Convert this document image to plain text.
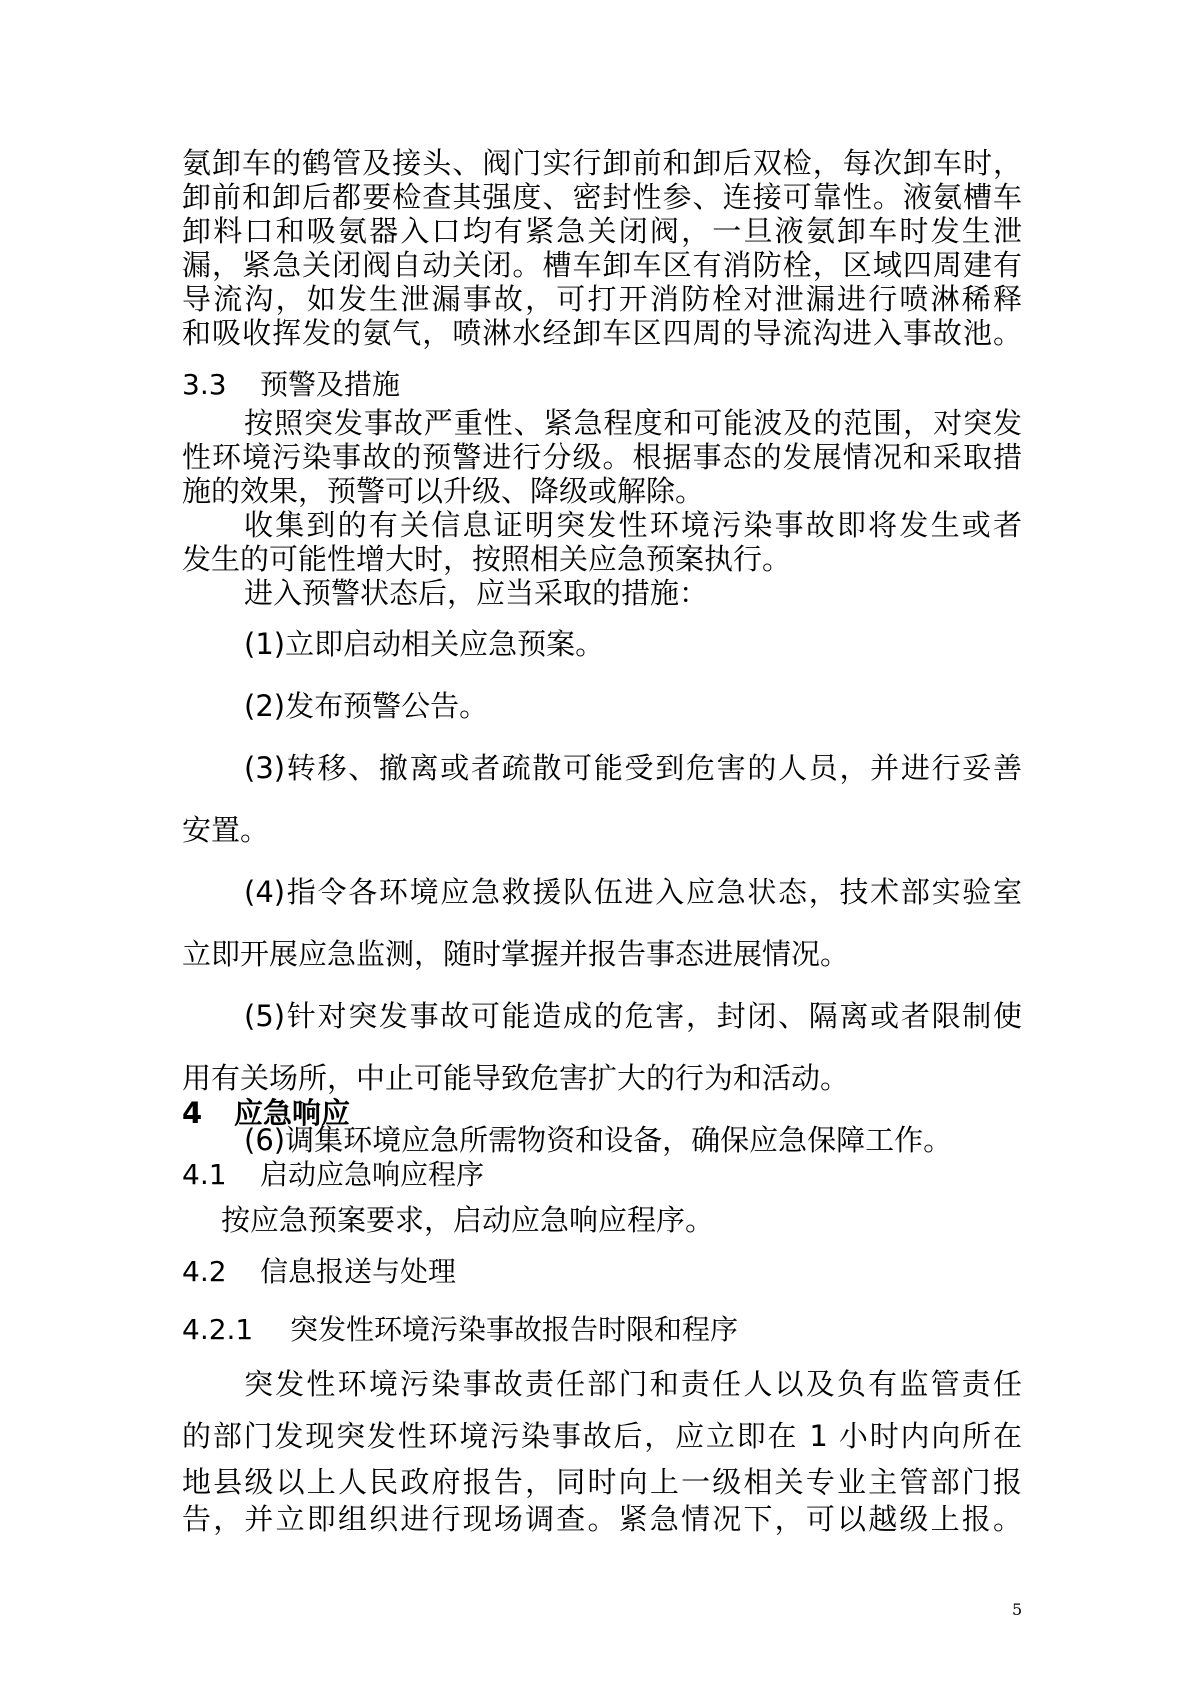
氨卸车的鹤管及接头、阀门实行卸前和卸后双检，每次卸车时，
卸前和卸后都要检查其强度、密封性参、连接可靠性。液氨槽车
卸料口和吸氨器入口均有紧急关闭阀，一旦液氨卸车时发生泄
漏，紧急关闭阀自动关闭。槽车卸车区有消防栓，区域四周建有
导流沟，如发生泄漏事故，可打开消防栓对泄漏进行喷淋稀释
和吸收挥发的氨气，喷淋水经卸车区四周的导流沟进入事故池。
3.3 预警及措施
按照突发事故严重性、紧急程度和可能波及的范围，对突发
性环境污染事故的预警进行分级。根据事态的发展情况和采取措
施的效果，预警可以升级、降级或解除。
收集到的有关信息证明突发性环境污染事故即将发生或者
发生的可能性增大时，按照相关应急预案执行。
进入预警状态后，应当采取的措施：
(1)立即启动相关应急预案。
(2)发布预警公告。
(3)转移、撤离或者疏散可能受到危害的人员，并进行妥善
安置。
(4)指令各环境应急救援队伍进入应急状态，技术部实验室
立即开展应急监测，随时掌握并报告事态进展情况。
(5)针对突发事故可能造成的危害，封闭、隔离或者限制使
用有关场所，中止可能导致危害扩大的行为和活动。
(6)调集环境应急所需物资和设备，确保应急保障工作。
4 应急响应
4.1 启动应急响应程序
按应急预案要求，启动应急响应程序。
4.2 信息报送与处理
4.2.1 突发性环境污染事故报告时限和程序
突发性环境污染事故责任部门和责任人以及负有监管责任
的部门发现突发性环境污染事故后，应立即在 1 小时内向所在
地县级以上人民政府报告，同时向上一级相关专业主管部门报
告，并立即组织进行现场调查。紧急情况下，可以越级上报。
5
